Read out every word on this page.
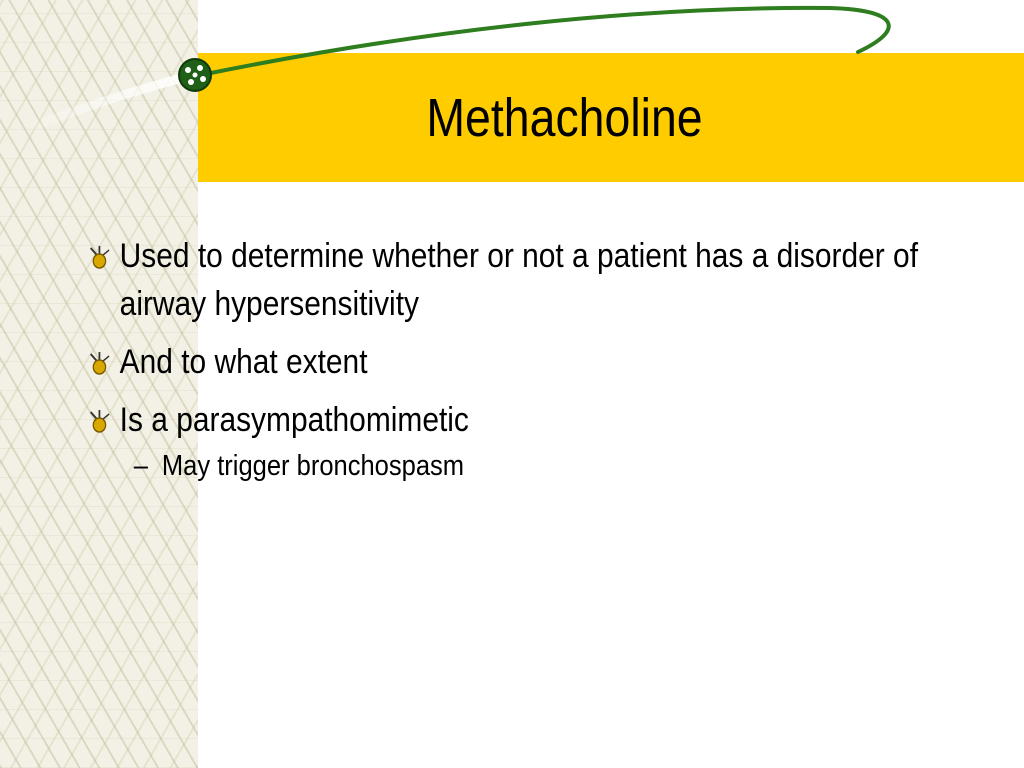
Methacholine
Used to determine whether or not a patient has a disorder of airway hypersensitivity
And to what extent
Is a parasympathomimetic
– May trigger bronchospasm
